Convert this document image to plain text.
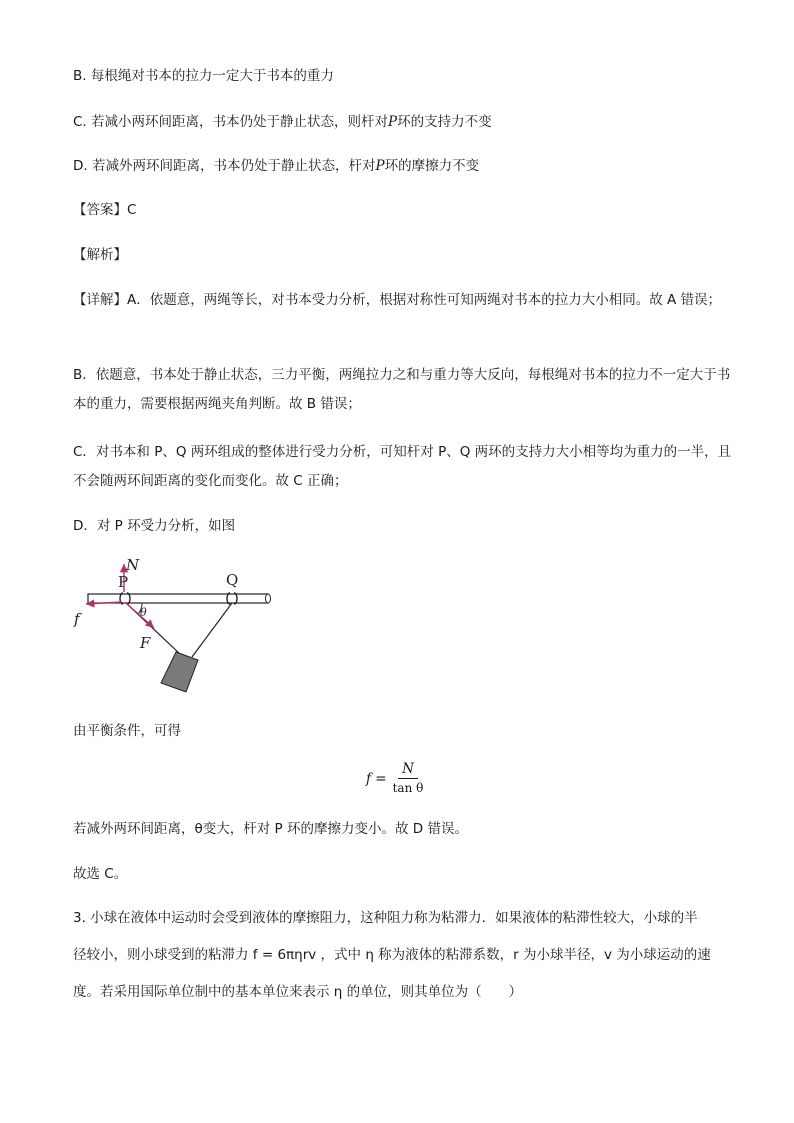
B. 每根绳对书本的拉力一定大于书本的重力
C. 若减小两环间距离，书本仍处于静止状态，则杆对P环的支持力不变
D. 若减外两环间距离，书本仍处于静止状态，杆对P环的摩擦力不变
【答案】C
【解析】
【详解】A．依题意，两绳等长，对书本受力分析，根据对称性可知两绳对书本的拉力大小相同。故 A 错误；
B．依题意，书本处于静止状态，三力平衡，两绳拉力之和与重力等大反向，每根绳对书本的拉力不一定大于书本的重力，需要根据两绳夹角判断。故 B 错误；
C．对书本和 P、Q 两环组成的整体进行受力分析，可知杆对 P、Q 两环的支持力大小相等均为重力的一半，且不会随两环间距离的变化而变化。故 C 正确；
D．对 P 环受力分析，如图
N
P	Q
f
F
θ
由平衡条件，可得
$f = \frac{N}{\text{tan θ}}$
若减外两环间距离，θ变大，杆对 P 环的摩擦力变小。故 D 错误。
故选 C。
3. 小球在液体中运动时会受到液体的摩擦阻力，这种阻力称为粘滞力．如果液体的粘滞性较大，小球的半
径较小，则小球受到的粘滞力 f = 6πηrv ，式中 η 称为液体的粘滞系数，r 为小球半径，v 为小球运动的速
度。若采用国际单位制中的基本单位来表示 η 的单位，则其单位为（　　）
